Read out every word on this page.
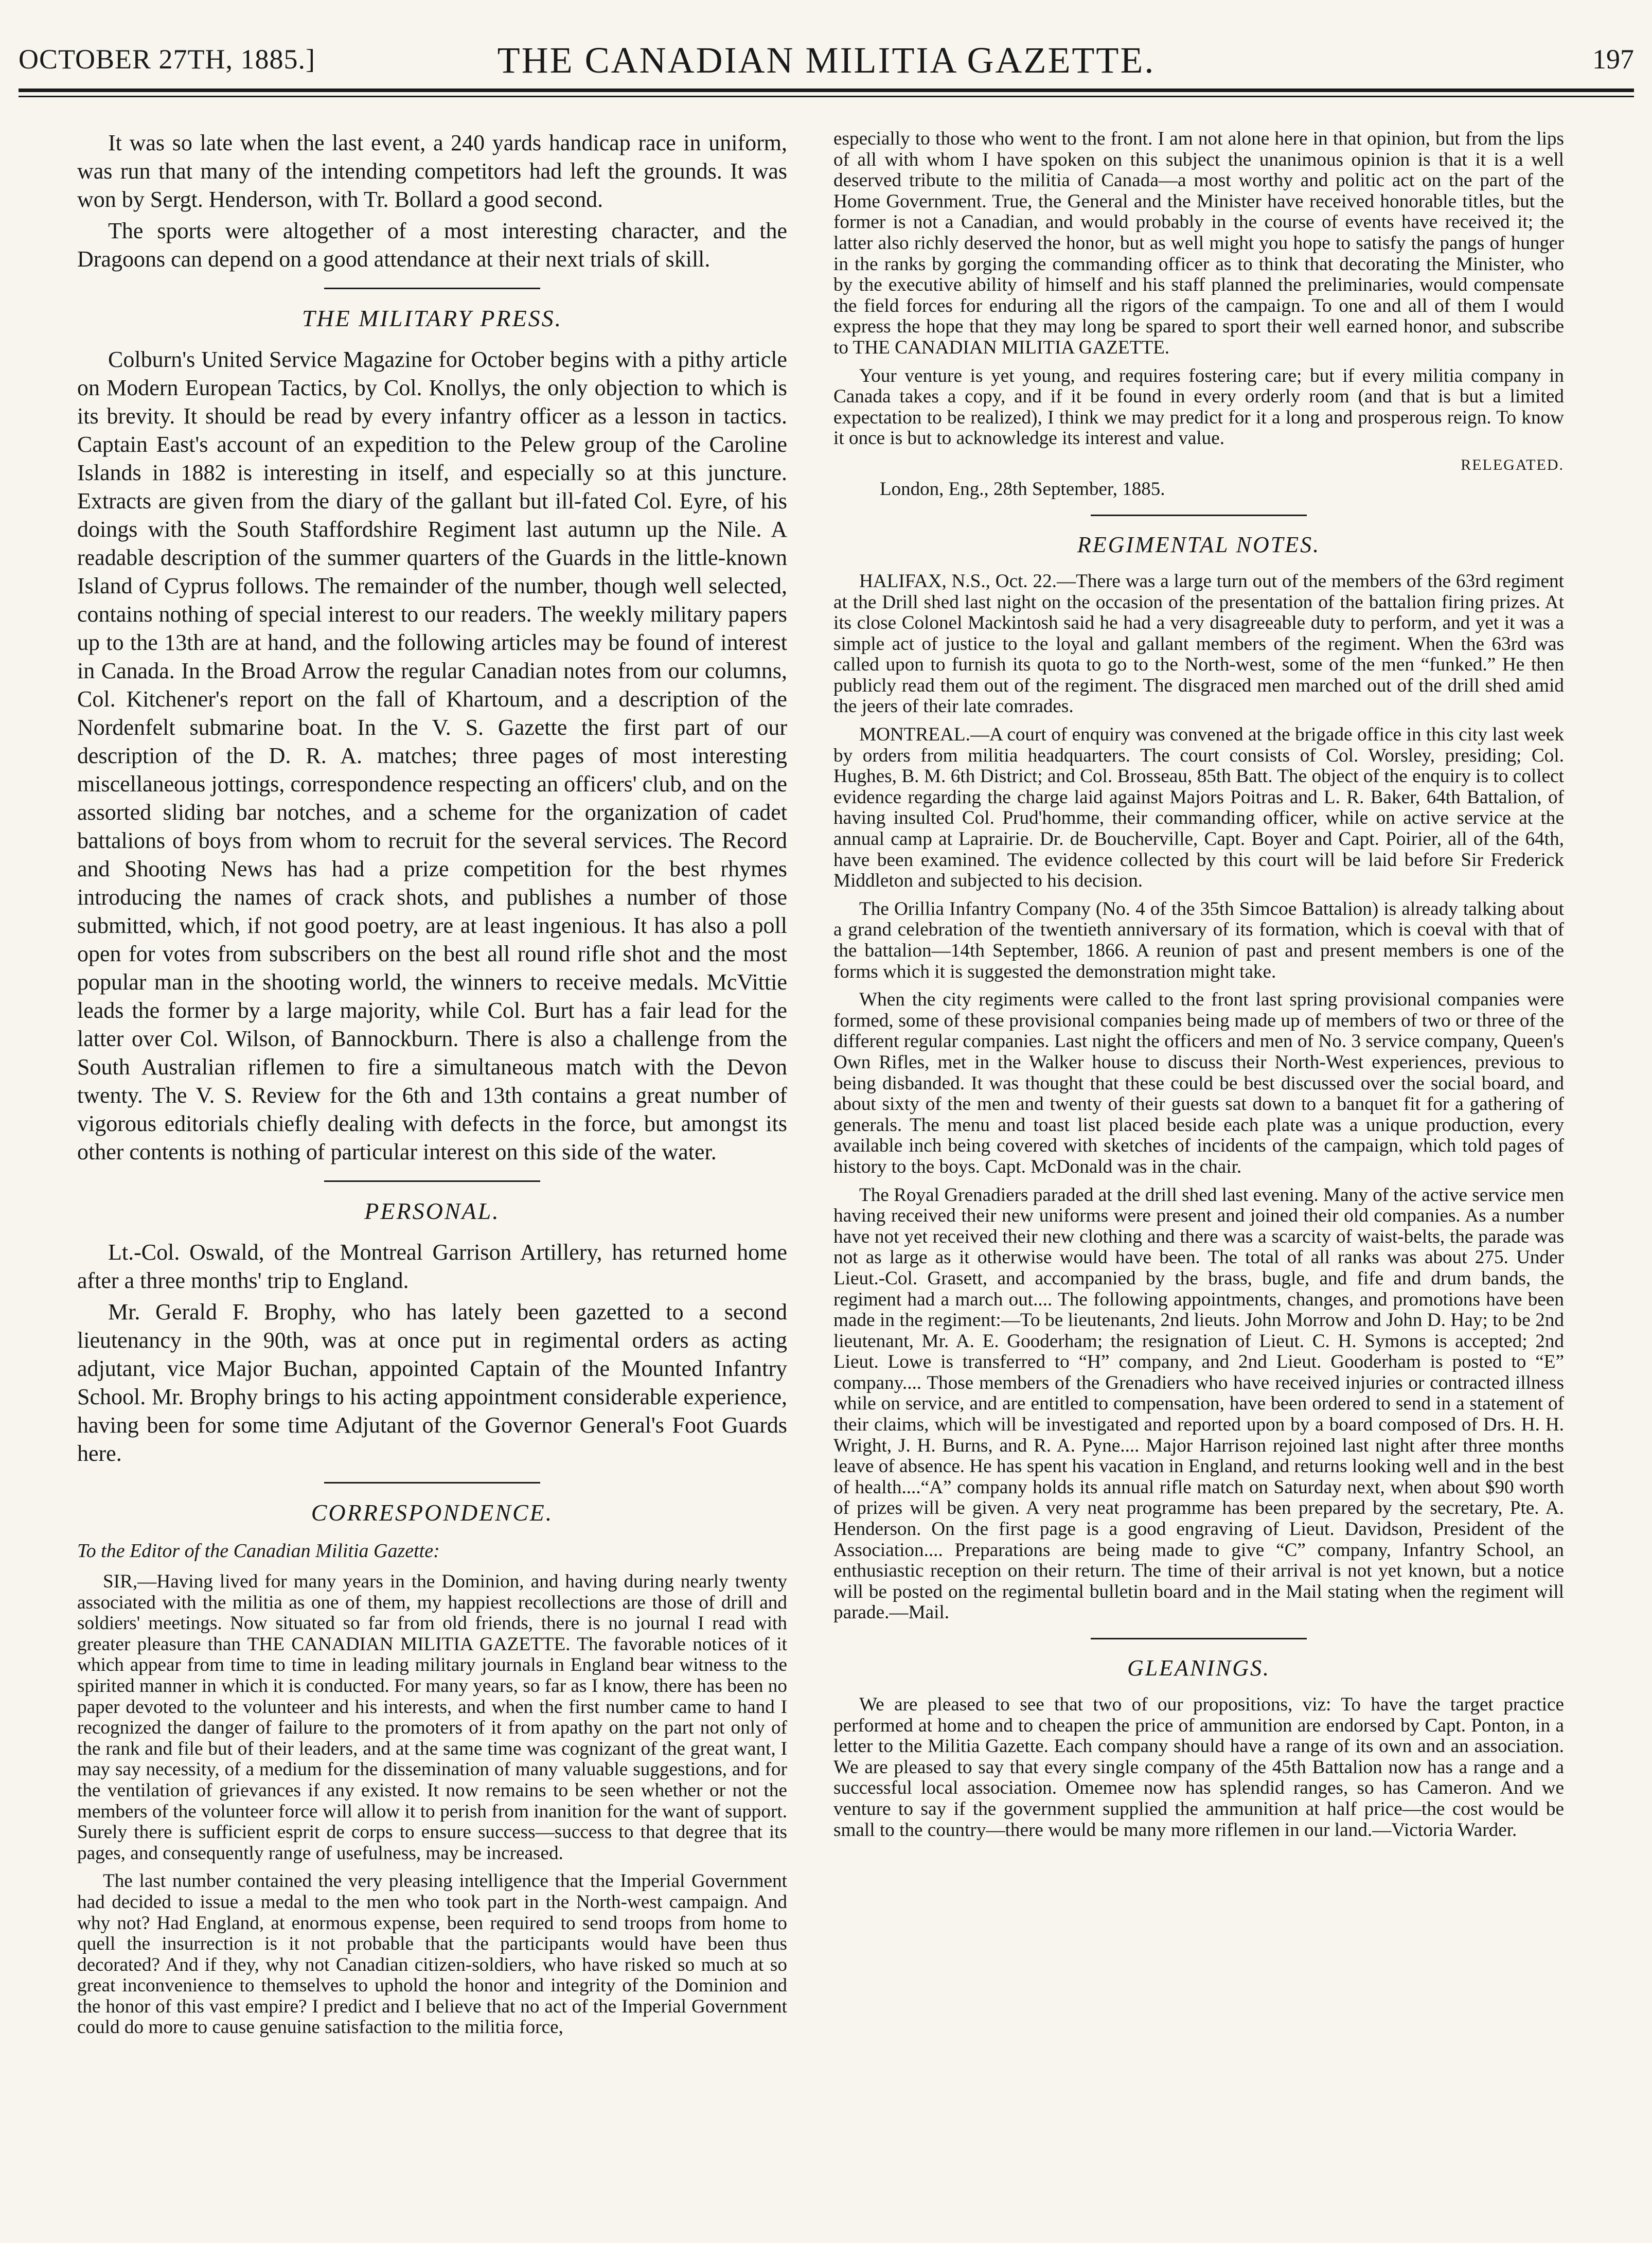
OCTOBER 27TH, 1885.]	THE CANADIAN MILITIA GAZETTE.	197

It was so late when the last event, a 240 yards handicap race in uniform, was run that many of the intending competitors had left the grounds. It was won by Sergt. Henderson, with Tr. Bollard a good second.

The sports were altogether of a most interesting character, and the Dragoons can depend on a good attendance at their next trials of skill.

THE MILITARY PRESS.

Colburn's United Service Magazine for October begins with a pithy article on Modern European Tactics, by Col. Knollys, the only objection to which is its brevity. It should be read by every infantry officer as a lesson in tactics. Captain East's account of an expedition to the Pelew group of the Caroline Islands in 1882 is interesting in itself, and especially so at this juncture. Extracts are given from the diary of the gallant but ill-fated Col. Eyre, of his doings with the South Staffordshire Regiment last autumn up the Nile. A readable description of the summer quarters of the Guards in the little-known Island of Cyprus follows. The remainder of the number, though well selected, contains nothing of special interest to our readers. The weekly military papers up to the 13th are at hand, and the following articles may be found of interest in Canada. In the Broad Arrow the regular Canadian notes from our columns, Col. Kitchener's report on the fall of Khartoum, and a description of the Nordenfelt submarine boat. In the V. S. Gazette the first part of our description of the D. R. A. matches; three pages of most interesting miscellaneous jottings, correspondence respecting an officers' club, and on the assorted sliding bar notches, and a scheme for the organization of cadet battalions of boys from whom to recruit for the several services. The Record and Shooting News has had a prize competition for the best rhymes introducing the names of crack shots, and publishes a number of those submitted, which, if not good poetry, are at least ingenious. It has also a poll open for votes from subscribers on the best all round rifle shot and the most popular man in the shooting world, the winners to receive medals. McVittie leads the former by a large majority, while Col. Burt has a fair lead for the latter over Col. Wilson, of Bannockburn. There is also a challenge from the South Australian riflemen to fire a simultaneous match with the Devon twenty. The V. S. Review for the 6th and 13th contains a great number of vigorous editorials chiefly dealing with defects in the force, but amongst its other contents is nothing of particular interest on this side of the water.

PERSONAL.

Lt.-Col. Oswald, of the Montreal Garrison Artillery, has returned home after a three months' trip to England.

Mr. Gerald F. Brophy, who has lately been gazetted to a second lieutenancy in the 90th, was at once put in regimental orders as acting adjutant, vice Major Buchan, appointed Captain of the Mounted Infantry School. Mr. Brophy brings to his acting appointment considerable experience, having been for some time Adjutant of the Governor General's Foot Guards here.

CORRESPONDENCE.
To the Editor of the Canadian Militia Gazette:

SIR,—Having lived for many years in the Dominion, and having during nearly twenty associated with the militia as one of them, my happiest recollections are those of drill and soldiers' meetings. Now situated so far from old friends, there is no journal I read with greater pleasure than THE CANADIAN MILITIA GAZETTE. The favorable notices of it which appear from time to time in leading military journals in England bear witness to the spirited manner in which it is conducted. For many years, so far as I know, there has been no paper devoted to the volunteer and his interests, and when the first number came to hand I recognized the danger of failure to the promoters of it from apathy on the part not only of the rank and file but of their leaders, and at the same time was cognizant of the great want, I may say necessity, of a medium for the dissemination of many valuable suggestions, and for the ventilation of grievances if any existed. It now remains to be seen whether or not the members of the volunteer force will allow it to perish from inanition for the want of support. Surely there is sufficient esprit de corps to ensure success—success to that degree that its pages, and consequently range of usefulness, may be increased.

The last number contained the very pleasing intelligence that the Imperial Government had decided to issue a medal to the men who took part in the North-west campaign. And why not? Had England, at enormous expense, been required to send troops from home to quell the insurrection is it not probable that the participants would have been thus decorated? And if they, why not Canadian citizen-soldiers, who have risked so much at so great inconvenience to themselves to uphold the honor and integrity of the Dominion and the honor of this vast empire? I predict and I believe that no act of the Imperial Government could do more to cause genuine satisfaction to the militia force,

especially to those who went to the front. I am not alone here in that opinion, but from the lips of all with whom I have spoken on this subject the unanimous opinion is that it is a well deserved tribute to the militia of Canada—a most worthy and politic act on the part of the Home Government. True, the General and the Minister have received honorable titles, but the former is not a Canadian, and would probably in the course of events have received it; the latter also richly deserved the honor, but as well might you hope to satisfy the pangs of hunger in the ranks by gorging the commanding officer as to think that decorating the Minister, who by the executive ability of himself and his staff planned the preliminaries, would compensate the field forces for enduring all the rigors of the campaign. To one and all of them I would express the hope that they may long be spared to sport their well earned honor, and subscribe to THE CANADIAN MILITIA GAZETTE.

Your venture is yet young, and requires fostering care; but if every militia company in Canada takes a copy, and if it be found in every orderly room (and that is but a limited expectation to be realized), I think we may predict for it a long and prosperous reign. To know it once is but to acknowledge its interest and value.

RELEGATED.
London, Eng., 28th September, 1885.
REGIMENTAL NOTES.

HALIFAX, N.S., Oct. 22.—There was a large turn out of the members of the 63rd regiment at the Drill shed last night on the occasion of the presentation of the battalion firing prizes. At its close Colonel Mackintosh said he had a very disagreeable duty to perform, and yet it was a simple act of justice to the loyal and gallant members of the regiment. When the 63rd was called upon to furnish its quota to go to the North-west, some of the men “funked.” He then publicly read them out of the regiment. The disgraced men marched out of the drill shed amid the jeers of their late comrades.

MONTREAL.—A court of enquiry was convened at the brigade office in this city last week by orders from militia headquarters. The court consists of Col. Worsley, presiding; Col. Hughes, B. M. 6th District; and Col. Brosseau, 85th Batt. The object of the enquiry is to collect evidence regarding the charge laid against Majors Poitras and L. R. Baker, 64th Battalion, of having insulted Col. Prud'homme, their commanding officer, while on active service at the annual camp at Laprairie. Dr. de Boucherville, Capt. Boyer and Capt. Poirier, all of the 64th, have been examined. The evidence collected by this court will be laid before Sir Frederick Middleton and subjected to his decision.

The Orillia Infantry Company (No. 4 of the 35th Simcoe Battalion) is already talking about a grand celebration of the twentieth anniversary of its formation, which is coeval with that of the battalion—14th September, 1866. A reunion of past and present members is one of the forms which it is suggested the demonstration might take.

When the city regiments were called to the front last spring provisional companies were formed, some of these provisional companies being made up of members of two or three of the different regular companies. Last night the officers and men of No. 3 service company, Queen's Own Rifles, met in the Walker house to discuss their North-West experiences, previous to being disbanded. It was thought that these could be best discussed over the social board, and about sixty of the men and twenty of their guests sat down to a banquet fit for a gathering of generals. The menu and toast list placed beside each plate was a unique production, every available inch being covered with sketches of incidents of the campaign, which told pages of history to the boys. Capt. McDonald was in the chair.

The Royal Grenadiers paraded at the drill shed last evening. Many of the active service men having received their new uniforms were present and joined their old companies. As a number have not yet received their new clothing and there was a scarcity of waist-belts, the parade was not as large as it otherwise would have been. The total of all ranks was about 275. Under Lieut.-Col. Grasett, and accompanied by the brass, bugle, and fife and drum bands, the regiment had a march out.... The following appointments, changes, and promotions have been made in the regiment:—To be lieutenants, 2nd lieuts. John Morrow and John D. Hay; to be 2nd lieutenant, Mr. A. E. Gooderham; the resignation of Lieut. C. H. Symons is accepted; 2nd Lieut. Lowe is transferred to “H” company, and 2nd Lieut. Gooderham is posted to “E” company.... Those members of the Grenadiers who have received injuries or contracted illness while on service, and are entitled to compensation, have been ordered to send in a statement of their claims, which will be investigated and reported upon by a board composed of Drs. H. H. Wright, J. H. Burns, and R. A. Pyne.... Major Harrison rejoined last night after three months leave of absence. He has spent his vacation in England, and returns looking well and in the best of health....“A” company holds its annual rifle match on Saturday next, when about $90 worth of prizes will be given. A very neat programme has been prepared by the secretary, Pte. A. Henderson. On the first page is a good engraving of Lieut. Davidson, President of the Association.... Preparations are being made to give “C” company, Infantry School, an enthusiastic reception on their return. The time of their arrival is not yet known, but a notice will be posted on the regimental bulletin board and in the Mail stating when the regiment will parade.—Mail.

GLEANINGS.

We are pleased to see that two of our propositions, viz: To have the target practice performed at home and to cheapen the price of ammunition are endorsed by Capt. Ponton, in a letter to the Militia Gazette. Each company should have a range of its own and an association. We are pleased to say that every single company of the 45th Battalion now has a range and a successful local association. Omemee now has splendid ranges, so has Cameron. And we venture to say if the government supplied the ammunition at half price—the cost would be small to the country—there would be many more riflemen in our land.—Victoria Warder.
